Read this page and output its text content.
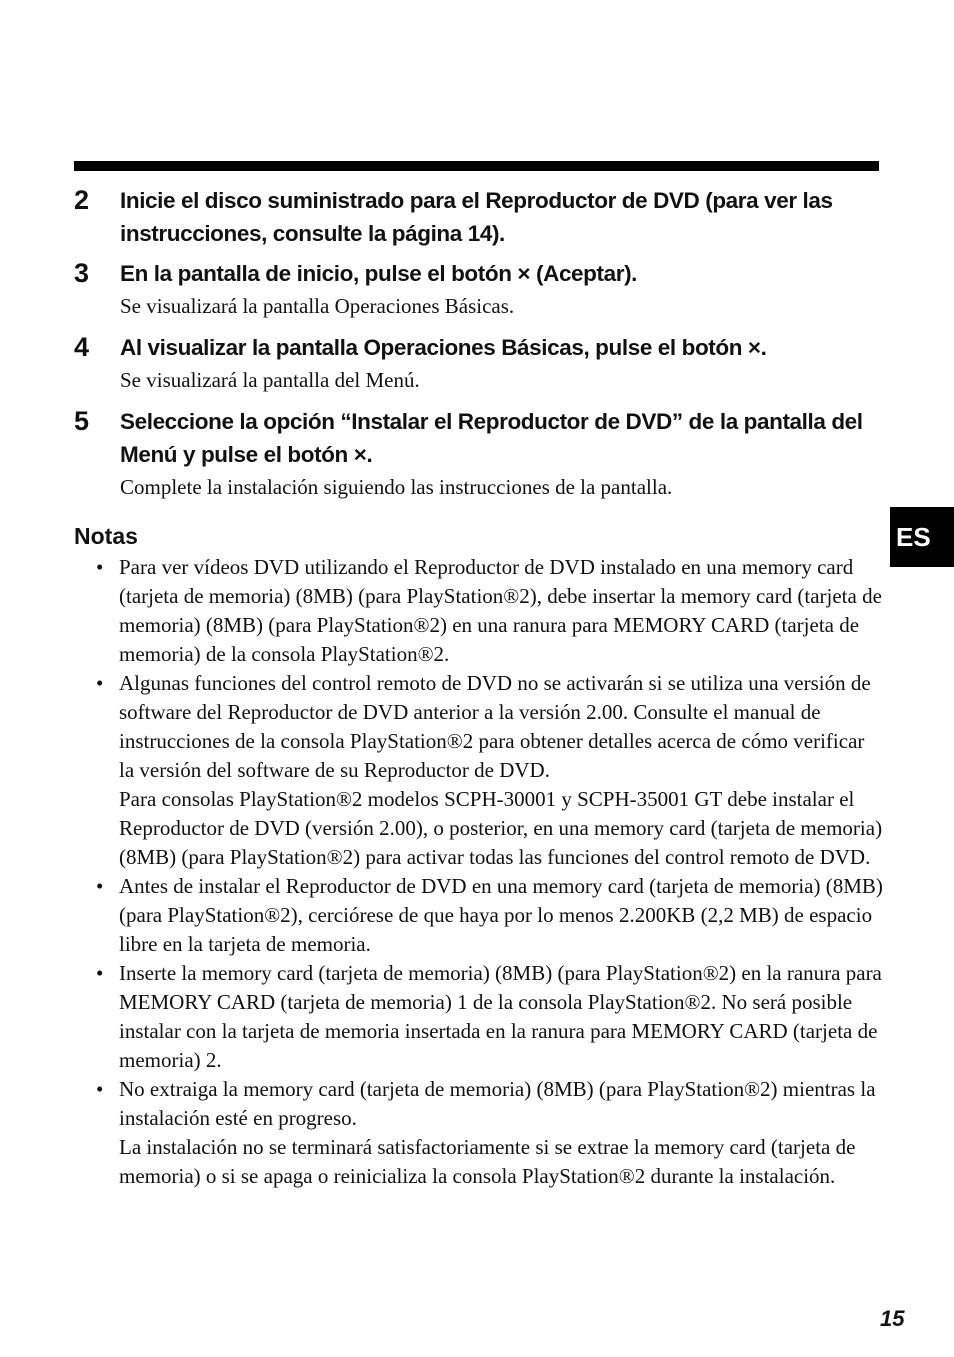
2 Inicie el disco suministrado para el Reproductor de DVD (para ver las instrucciones, consulte la página 14).
3 En la pantalla de inicio, pulse el botón × (Aceptar).
Se visualizará la pantalla Operaciones Básicas.
4 Al visualizar la pantalla Operaciones Básicas, pulse el botón ×.
Se visualizará la pantalla del Menú.
5 Seleccione la opción “Instalar el Reproductor de DVD” de la pantalla del Menú y pulse el botón ×.
Complete la instalación siguiendo las instrucciones de la pantalla.
Notas
• Para ver vídeos DVD utilizando el Reproductor de DVD instalado en una memory card (tarjeta de memoria) (8MB) (para PlayStation®2), debe insertar la memory card (tarjeta de memoria) (8MB) (para PlayStation®2) en una ranura para MEMORY CARD (tarjeta de memoria) de la consola PlayStation®2.
• Algunas funciones del control remoto de DVD no se activarán si se utiliza una versión de software del Reproductor de DVD anterior a la versión 2.00. Consulte el manual de instrucciones de la consola PlayStation®2 para obtener detalles acerca de cómo verificar la versión del software de su Reproductor de DVD.
Para consolas PlayStation®2 modelos SCPH-30001 y SCPH-35001 GT debe instalar el Reproductor de DVD (versión 2.00), o posterior, en una memory card (tarjeta de memoria) (8MB) (para PlayStation®2) para activar todas las funciones del control remoto de DVD.
• Antes de instalar el Reproductor de DVD en una memory card (tarjeta de memoria) (8MB) (para PlayStation®2), cerciórese de que haya por lo menos 2.200KB (2,2 MB) de espacio libre en la tarjeta de memoria.
• Inserte la memory card (tarjeta de memoria) (8MB) (para PlayStation®2) en la ranura para MEMORY CARD (tarjeta de memoria) 1 de la consola PlayStation®2. No será posible instalar con la tarjeta de memoria insertada en la ranura para MEMORY CARD (tarjeta de memoria) 2.
• No extraiga la memory card (tarjeta de memoria) (8MB) (para PlayStation®2) mientras la instalación esté en progreso.
La instalación no se terminará satisfactoriamente si se extrae la memory card (tarjeta de memoria) o si se apaga o reinicializa la consola PlayStation®2 durante la instalación.
ES
15
